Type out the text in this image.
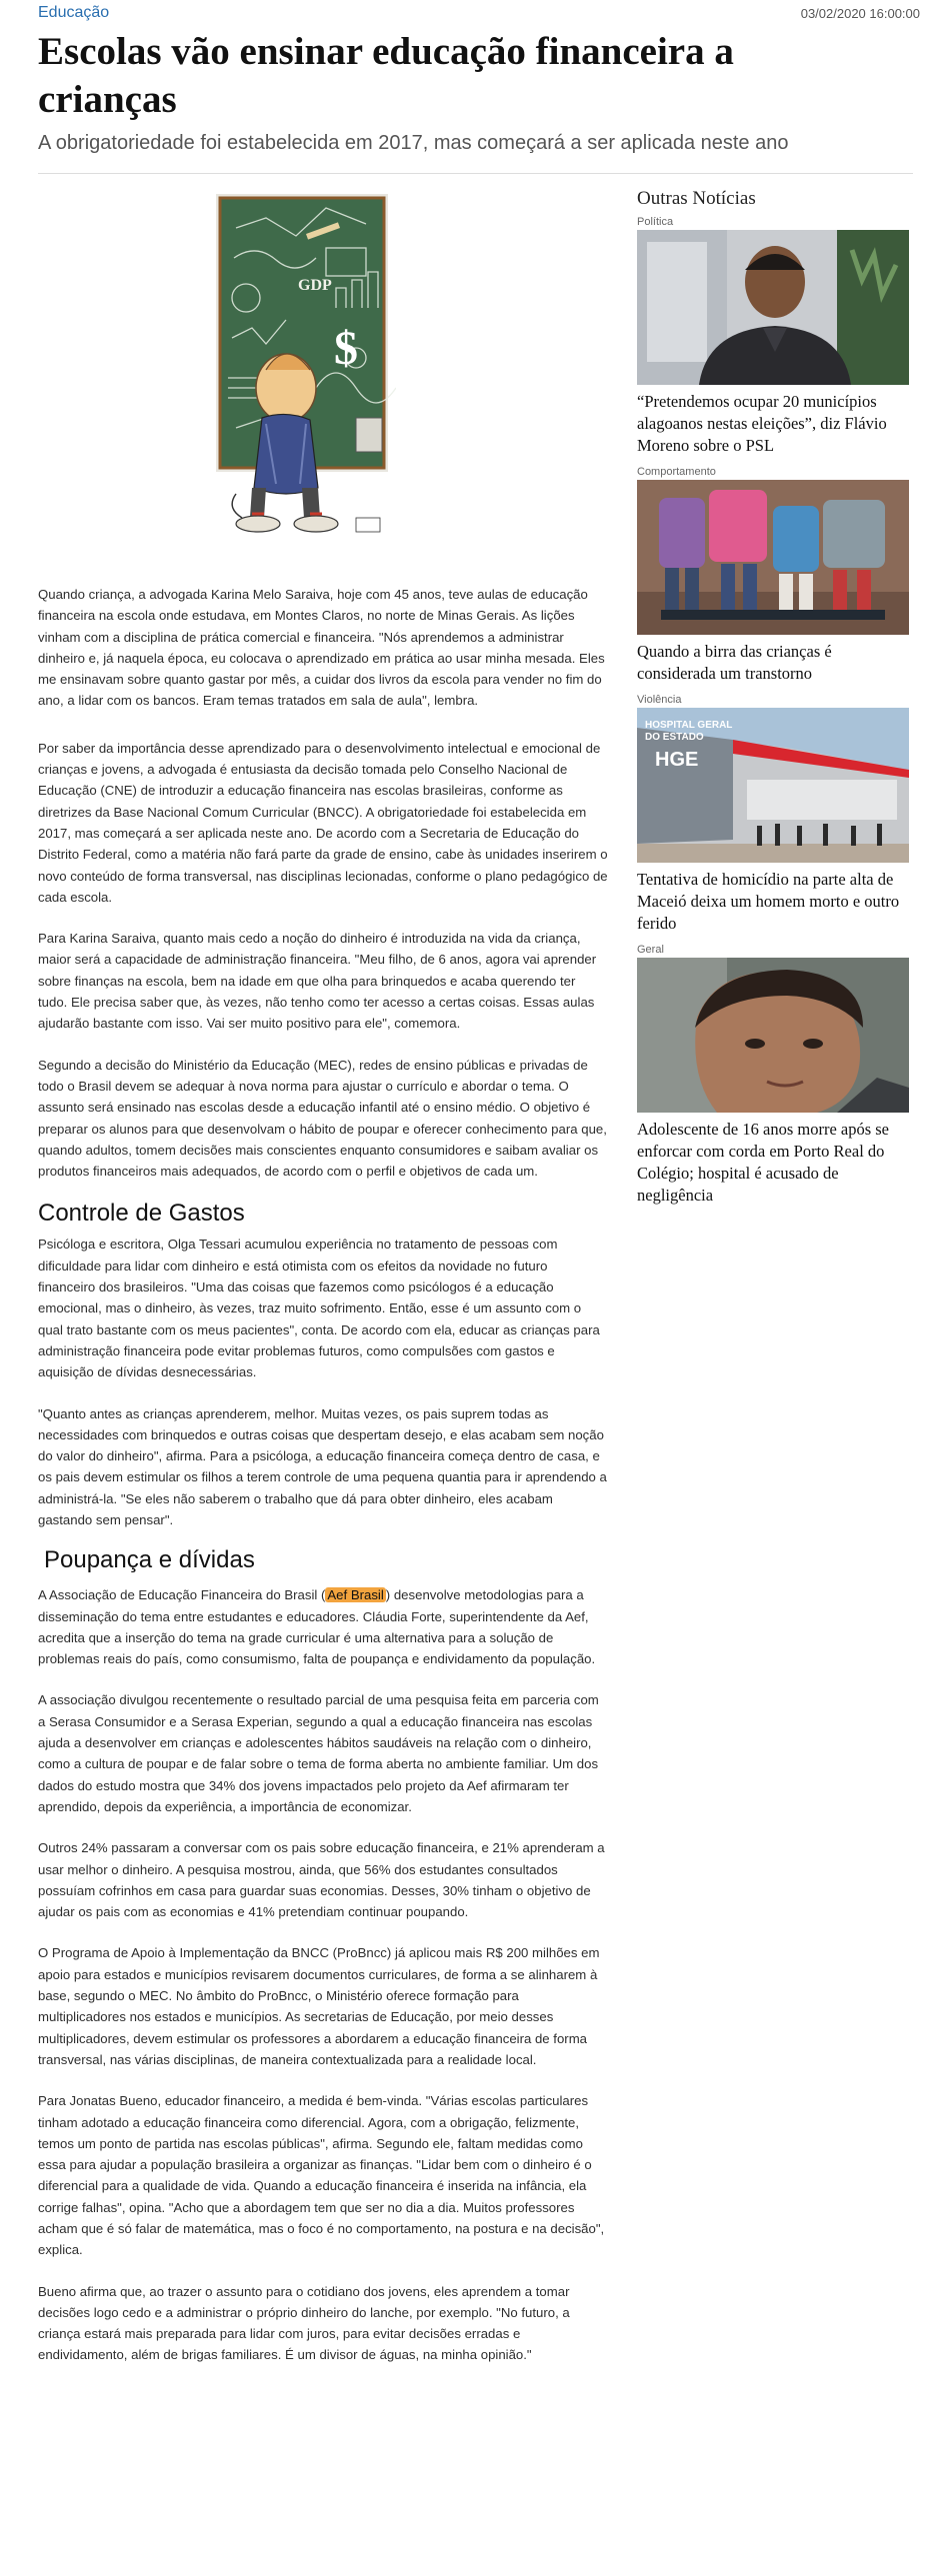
Educação	03/02/2020 16:00:00
Escolas vão ensinar educação financeira a crianças

A obrigatoriedade foi estabelecida em 2017, mas começará a ser aplicada neste ano

GDP
$

Quando criança, a advogada Karina Melo Saraiva, hoje com 45 anos, teve aulas de educação financeira na escola onde estudava, em Montes Claros, no norte de Minas Gerais. As lições vinham com a disciplina de prática comercial e financeira. "Nós aprendemos a administrar dinheiro e, já naquela época, eu colocava o aprendizado em prática ao usar minha mesada. Eles me ensinavam sobre quanto gastar por mês, a cuidar dos livros da escola para vender no fim do ano, a lidar com os bancos. Eram temas tratados em sala de aula", lembra.

Por saber da importância desse aprendizado para o desenvolvimento intelectual e emocional de crianças e jovens, a advogada é entusiasta da decisão tomada pelo Conselho Nacional de Educação (CNE) de introduzir a educação financeira nas escolas brasileiras, conforme as diretrizes da Base Nacional Comum Curricular (BNCC). A obrigatoriedade foi estabelecida em 2017, mas começará a ser aplicada neste ano. De acordo com a Secretaria de Educação do Distrito Federal, como a matéria não fará parte da grade de ensino, cabe às unidades inserirem o novo conteúdo de forma transversal, nas disciplinas lecionadas, conforme o plano pedagógico de cada escola.

Para Karina Saraiva, quanto mais cedo a noção do dinheiro é introduzida na vida da criança, maior será a capacidade de administração financeira. "Meu filho, de 6 anos, agora vai aprender sobre finanças na escola, bem na idade em que olha para brinquedos e acaba querendo ter tudo. Ele precisa saber que, às vezes, não tenho como ter acesso a certas coisas. Essas aulas ajudarão bastante com isso. Vai ser muito positivo para ele", comemora.

Segundo a decisão do Ministério da Educação (MEC), redes de ensino públicas e privadas de todo o Brasil devem se adequar à nova norma para ajustar o currículo e abordar o tema. O assunto será ensinado nas escolas desde a educação infantil até o ensino médio. O objetivo é preparar os alunos para que desenvolvam o hábito de poupar e oferecer conhecimento para que, quando adultos, tomem decisões mais conscientes enquanto consumidores e saibam avaliar os produtos financeiros mais adequados, de acordo com o perfil e objetivos de cada um.

Controle de Gastos

Psicóloga e escritora, Olga Tessari acumulou experiência no tratamento de pessoas com dificuldade para lidar com dinheiro e está otimista com os efeitos da novidade no futuro financeiro dos brasileiros. "Uma das coisas que fazemos como psicólogos é a educação emocional, mas o dinheiro, às vezes, traz muito sofrimento. Então, esse é um assunto com o qual trato bastante com os meus pacientes", conta. De acordo com ela, educar as crianças para administração financeira pode evitar problemas futuros, como compulsões com gastos e aquisição de dívidas desnecessárias.

"Quanto antes as crianças aprenderem, melhor. Muitas vezes, os pais suprem todas as necessidades com brinquedos e outras coisas que despertam desejo, e elas acabam sem noção do valor do dinheiro", afirma. Para a psicóloga, a educação financeira começa dentro de casa, e os pais devem estimular os filhos a terem controle de uma pequena quantia para ir aprendendo a administrá-la. "Se eles não saberem o trabalho que dá para obter dinheiro, eles acabam gastando sem pensar".

Poupança e dívidas

A Associação de Educação Financeira do Brasil ( Aef Brasil ) desenvolve metodologias para a disseminação do tema entre estudantes e educadores. Cláudia Forte, superintendente da Aef, acredita que a inserção do tema na grade curricular é uma alternativa para a solução de problemas reais do país, como consumismo, falta de poupança e endividamento da população.

A associação divulgou recentemente o resultado parcial de uma pesquisa feita em parceria com a Serasa Consumidor e a Serasa Experian, segundo a qual a educação financeira nas escolas ajuda a desenvolver em crianças e adolescentes hábitos saudáveis na relação com o dinheiro, como a cultura de poupar e de falar sobre o tema de forma aberta no ambiente familiar. Um dos dados do estudo mostra que 34% dos jovens impactados pelo projeto da Aef afirmaram ter aprendido, depois da experiência, a importância de economizar.

Outros 24% passaram a conversar com os pais sobre educação financeira, e 21% aprenderam a usar melhor o dinheiro. A pesquisa mostrou, ainda, que 56% dos estudantes consultados possuíam cofrinhos em casa para guardar suas economias. Desses, 30% tinham o objetivo de ajudar os pais com as economias e 41% pretendiam continuar poupando.

O Programa de Apoio à Implementação da BNCC (ProBncc) já aplicou mais R$ 200 milhões em apoio para estados e municípios revisarem documentos curriculares, de forma a se alinharem à base, segundo o MEC. No âmbito do ProBncc, o Ministério oferece formação para multiplicadores nos estados e municípios. As secretarias de Educação, por meio desses multiplicadores, devem estimular os professores a abordarem a educação financeira de forma transversal, nas várias disciplinas, de maneira contextualizada para a realidade local.

Para Jonatas Bueno, educador financeiro, a medida é bem-vinda. "Várias escolas particulares tinham adotado a educação financeira como diferencial. Agora, com a obrigação, felizmente, temos um ponto de partida nas escolas públicas", afirma. Segundo ele, faltam medidas como essa para ajudar a população brasileira a organizar as finanças. "Lidar bem com o dinheiro é o diferencial para a qualidade de vida. Quando a educação financeira é inserida na infância, ela corrige falhas", opina. "Acho que a abordagem tem que ser no dia a dia. Muitos professores acham que é só falar de matemática, mas o foco é no comportamento, na postura e na decisão", explica.

Bueno afirma que, ao trazer o assunto para o cotidiano dos jovens, eles aprendem a tomar decisões logo cedo e a administrar o próprio dinheiro do lanche, por exemplo. "No futuro, a criança estará mais preparada para lidar com juros, para evitar decisões erradas e endividamento, além de brigas familiares. É um divisor de águas, na minha opinião."

Outras Notícias
Política
“Pretendemos ocupar 20 municípios alagoanos nestas eleições”, diz Flávio Moreno sobre o PSL
Comportamento
Quando a birra das crianças é considerada um transtorno
Violência
HOSPITAL GERAL
DO ESTADO
HGE
Tentativa de homicídio na parte alta de Maceió deixa um homem morto e outro ferido
Geral
Adolescente de 16 anos morre após se enforcar com corda em Porto Real do Colégio; hospital é acusado de negligência
